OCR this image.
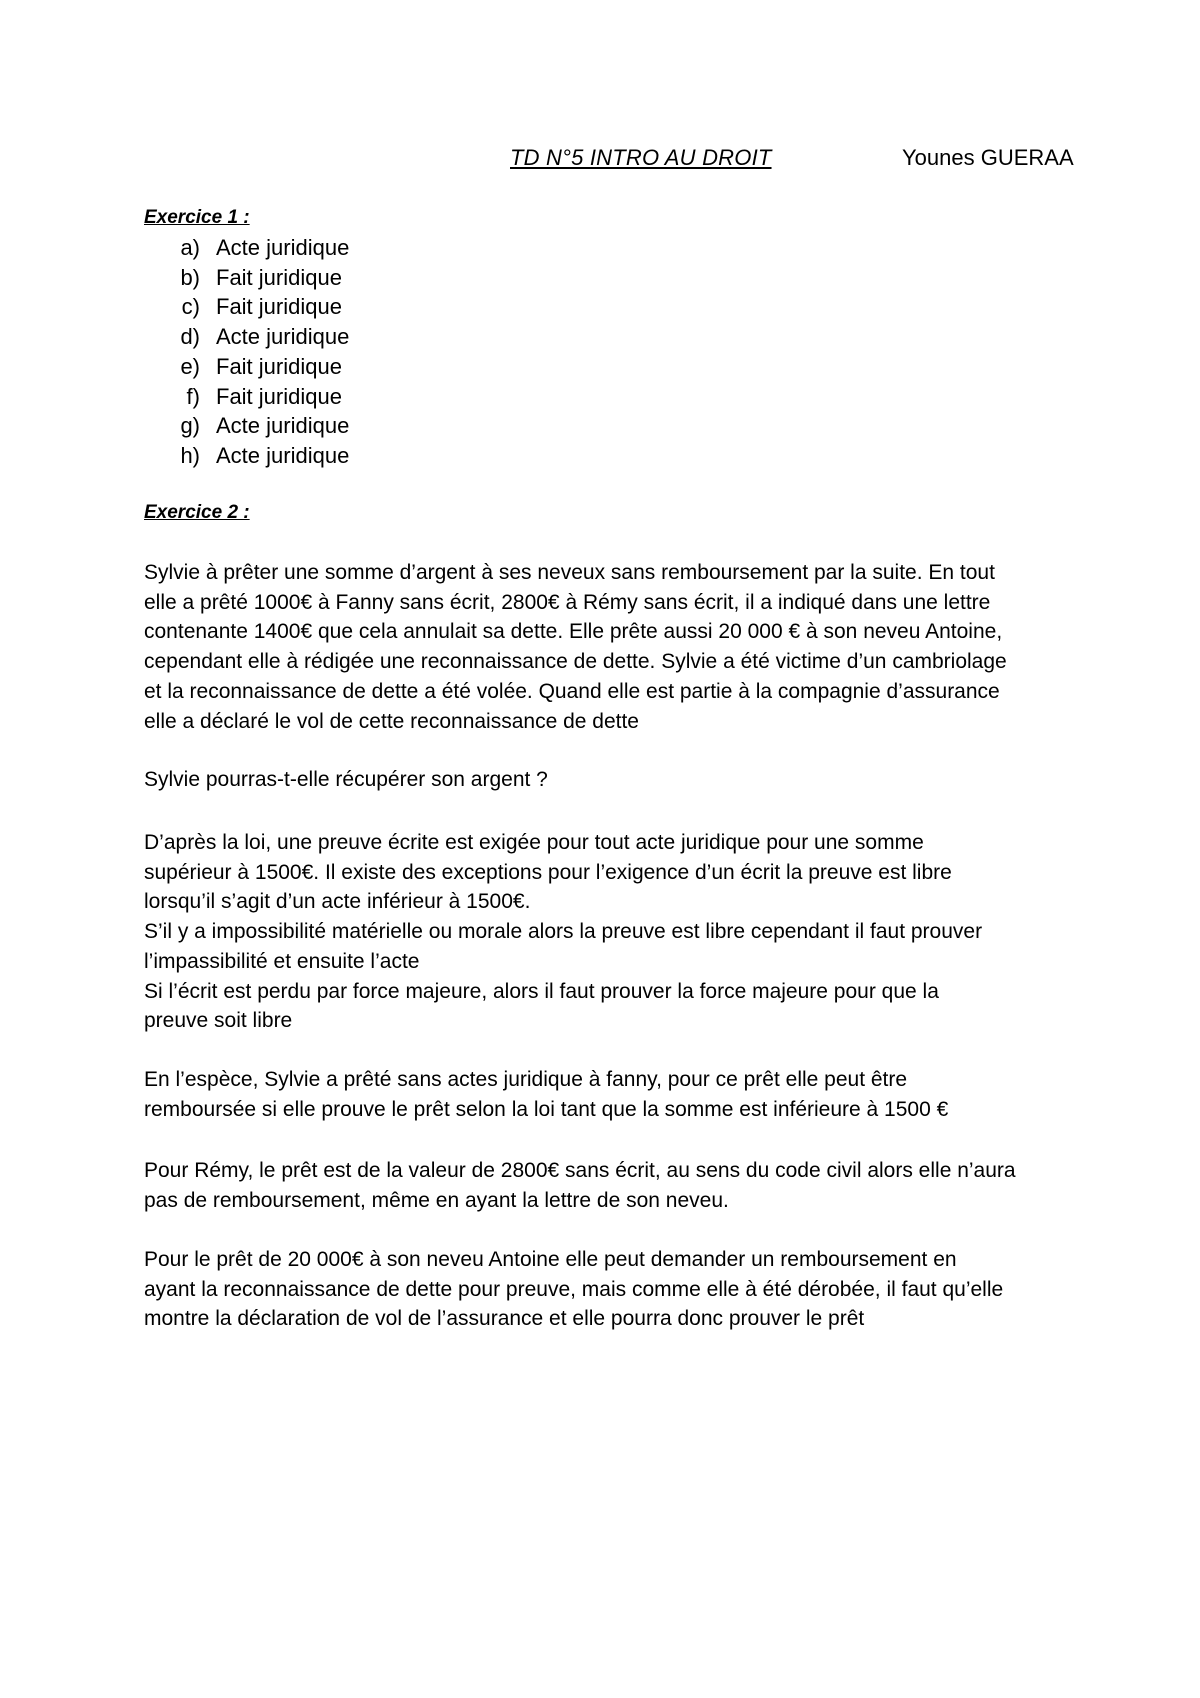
TD N°5 INTRO AU DROIT	Younes GUERAA
Exercice 1 :
a) Acte juridique
b) Fait juridique
c) Fait juridique
d) Acte juridique
e) Fait juridique
f) Fait juridique
g) Acte juridique
h) Acte juridique
Exercice 2 :

Sylvie à prêter une somme d’argent à ses neveux sans remboursement par la suite. En tout
elle a prêté 1000€ à Fanny sans écrit, 2800€ à Rémy sans écrit, il a indiqué dans une lettre
contenante 1400€ que cela annulait sa dette. Elle prête aussi 20 000 € à son neveu Antoine,
cependant elle à rédigée une reconnaissance de dette. Sylvie a été victime d’un cambriolage
et la reconnaissance de dette a été volée. Quand elle est partie à la compagnie d’assurance
elle a déclaré le vol de cette reconnaissance de dette

Sylvie pourras-t-elle récupérer son argent ?

D’après la loi, une preuve écrite est exigée pour tout acte juridique pour une somme
supérieur à 1500€. Il existe des exceptions pour l’exigence d’un écrit la preuve est libre
lorsqu’il s’agit d’un acte inférieur à 1500€.
S’il y a impossibilité matérielle ou morale alors la preuve est libre cependant il faut prouver
l’impassibilité et ensuite l’acte
Si l’écrit est perdu par force majeure, alors il faut prouver la force majeure pour que la
preuve soit libre

En l’espèce, Sylvie a prêté sans actes juridique à fanny, pour ce prêt elle peut être
remboursée si elle prouve le prêt selon la loi tant que la somme est inférieure à 1500 €

Pour Rémy, le prêt est de la valeur de 2800€ sans écrit, au sens du code civil alors elle n’aura
pas de remboursement, même en ayant la lettre de son neveu.

Pour le prêt de 20 000€ à son neveu Antoine elle peut demander un remboursement en
ayant la reconnaissance de dette pour preuve, mais comme elle à été dérobée, il faut qu’elle
montre la déclaration de vol de l’assurance et elle pourra donc prouver le prêt
